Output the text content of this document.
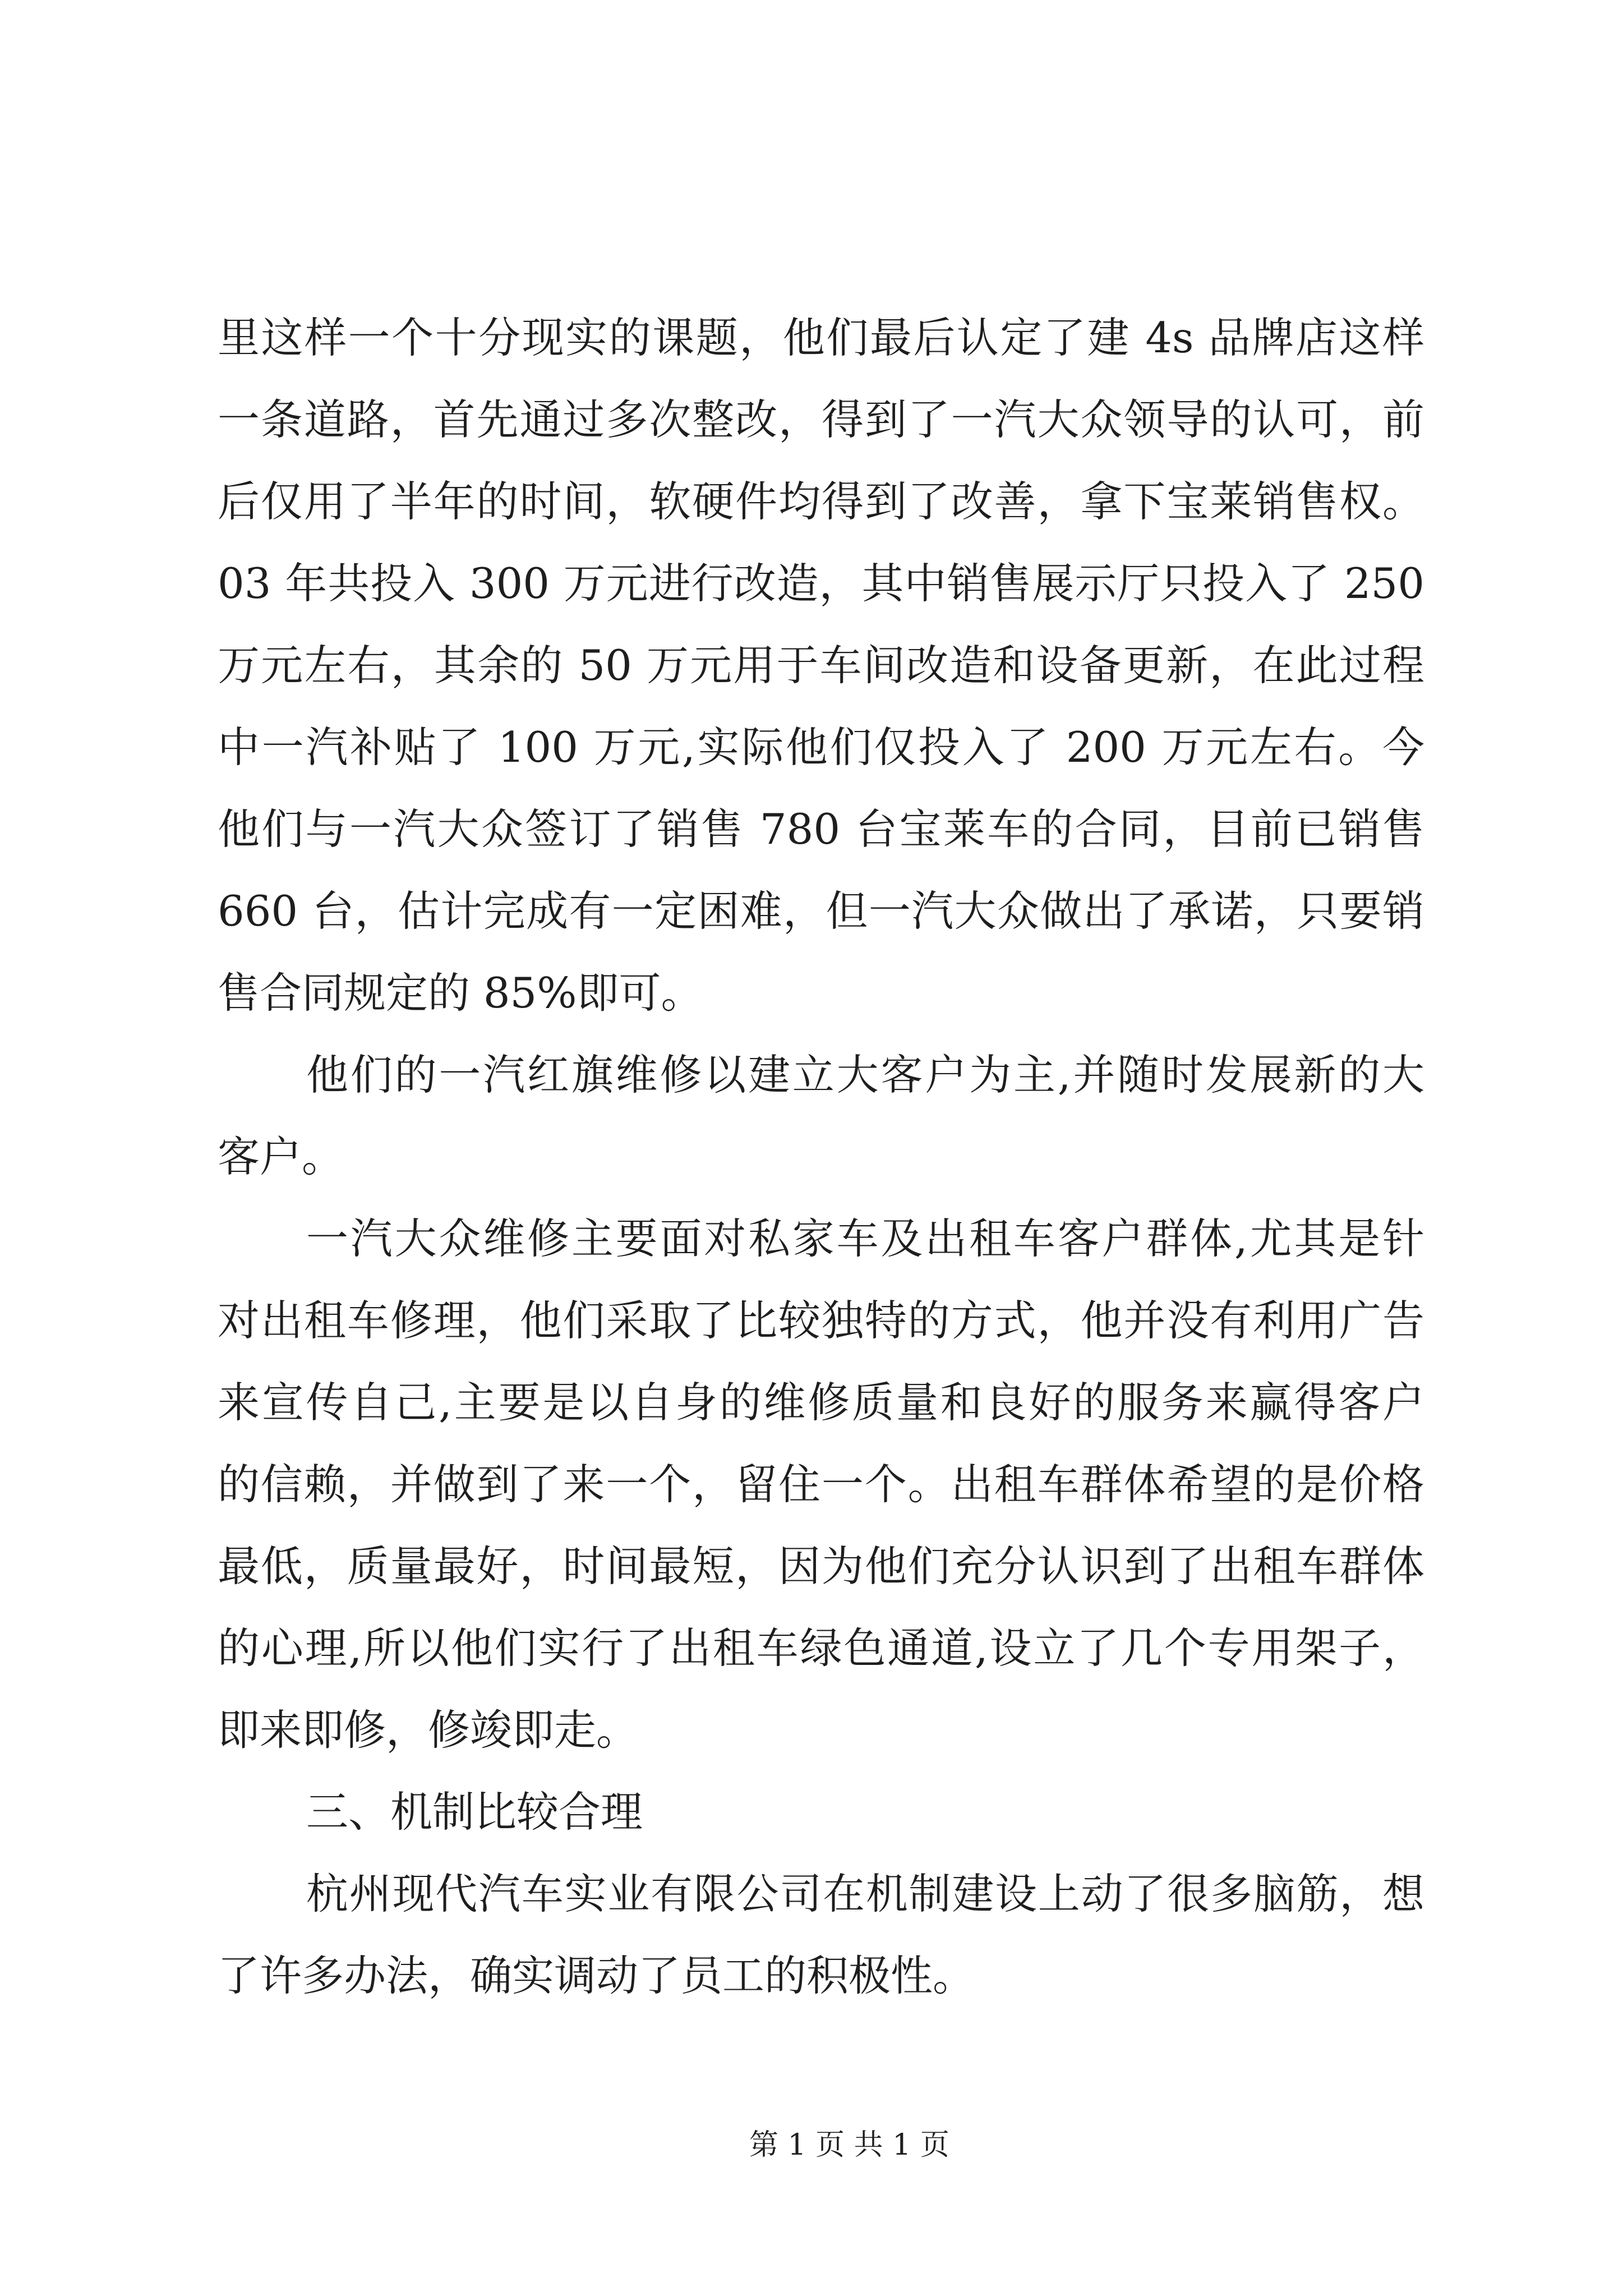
里这样一个十分现实的课题，他们最后认定了建 4s 品牌店这样
一条道路，首先通过多次整改，得到了一汽大众领导的认可，前
后仅用了半年的时间，软硬件均得到了改善，拿下宝莱销售权。
03 年共投入 300 万元进行改造，其中销售展示厅只投入了 250
万元左右，其余的 50 万元用于车间改造和设备更新，在此过程
中一汽补贴了 100 万元,实际他们仅投入了 200 万元左右。今
他们与一汽大众签订了销售 780 台宝莱车的合同，目前已销售
660 台，估计完成有一定困难，但一汽大众做出了承诺，只要销
售合同规定的 85%即可。
他们的一汽红旗维修以建立大客户为主,并随时发展新的大
客户。
一汽大众维修主要面对私家车及出租车客户群体,尤其是针
对出租车修理，他们采取了比较独特的方式，他并没有利用广告
来宣传自己,主要是以自身的维修质量和良好的服务来赢得客户
的信赖，并做到了来一个，留住一个。出租车群体希望的是价格
最低，质量最好，时间最短，因为他们充分认识到了出租车群体
的心理,所以他们实行了出租车绿色通道,设立了几个专用架子，
即来即修，修竣即走。
三、机制比较合理
杭州现代汽车实业有限公司在机制建设上动了很多脑筋，想
了许多办法，确实调动了员工的积极性。
第 1 页 共 1 页
